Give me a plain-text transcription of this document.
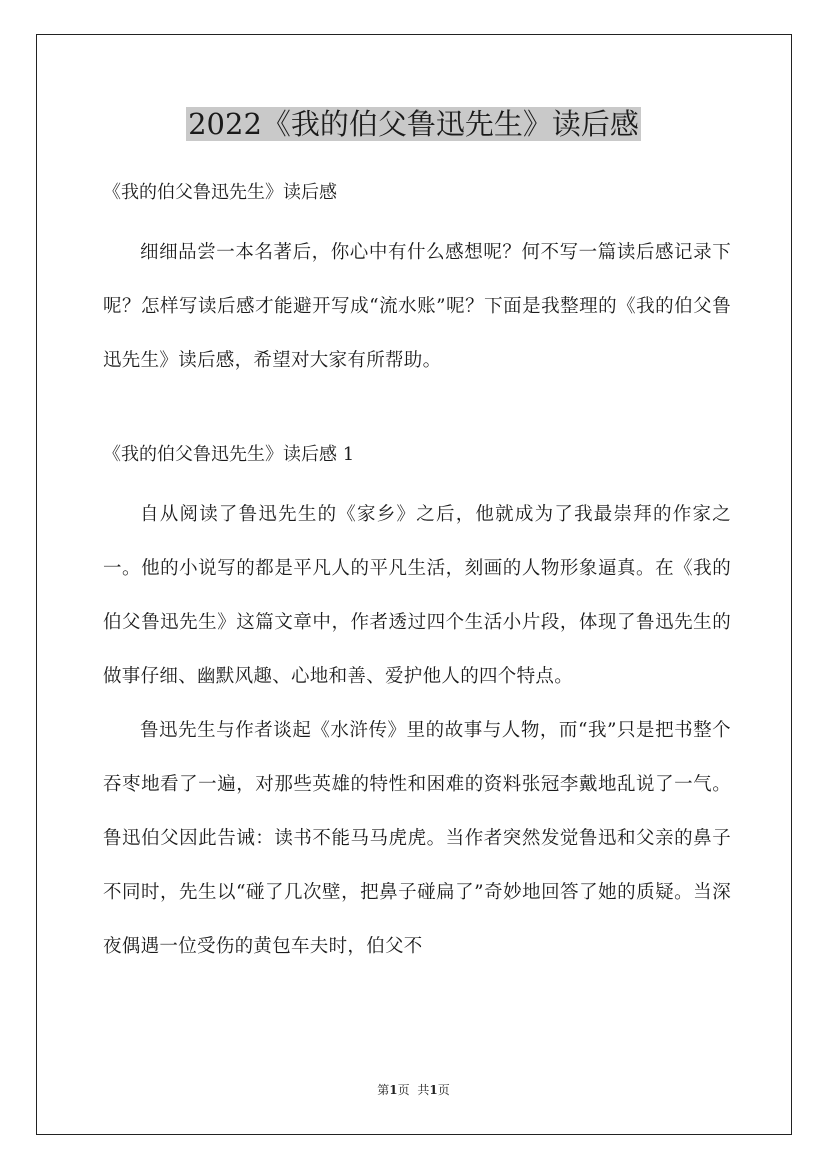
2022《我的伯父鲁迅先生》读后感

《我的伯父鲁迅先生》读后感

细细品尝一本名著后，你心中有什么感想呢？何不写一篇读后感记录下呢？怎样写读后感才能避开写成“流水账”呢？下面是我整理的《我的伯父鲁迅先生》读后感，希望对大家有所帮助。

《我的伯父鲁迅先生》读后感 1

自从阅读了鲁迅先生的《家乡》之后，他就成为了我最崇拜的作家之一。他的小说写的都是平凡人的平凡生活，刻画的人物形象逼真。在《我的伯父鲁迅先生》这篇文章中，作者透过四个生活小片段，体现了鲁迅先生的做事仔细、幽默风趣、心地和善、爱护他人的四个特点。

鲁迅先生与作者谈起《水浒传》里的故事与人物，而“我”只是把书整个吞枣地看了一遍，对那些英雄的特性和困难的资料张冠李戴地乱说了一气。鲁迅伯父因此告诫：读书不能马马虎虎。当作者突然发觉鲁迅和父亲的鼻子不同时，先生以“碰了几次壁，把鼻子碰扁了”奇妙地回答了她的质疑。当深夜偶遇一位受伤的黄包车夫时，伯父不

第1页 共1页
